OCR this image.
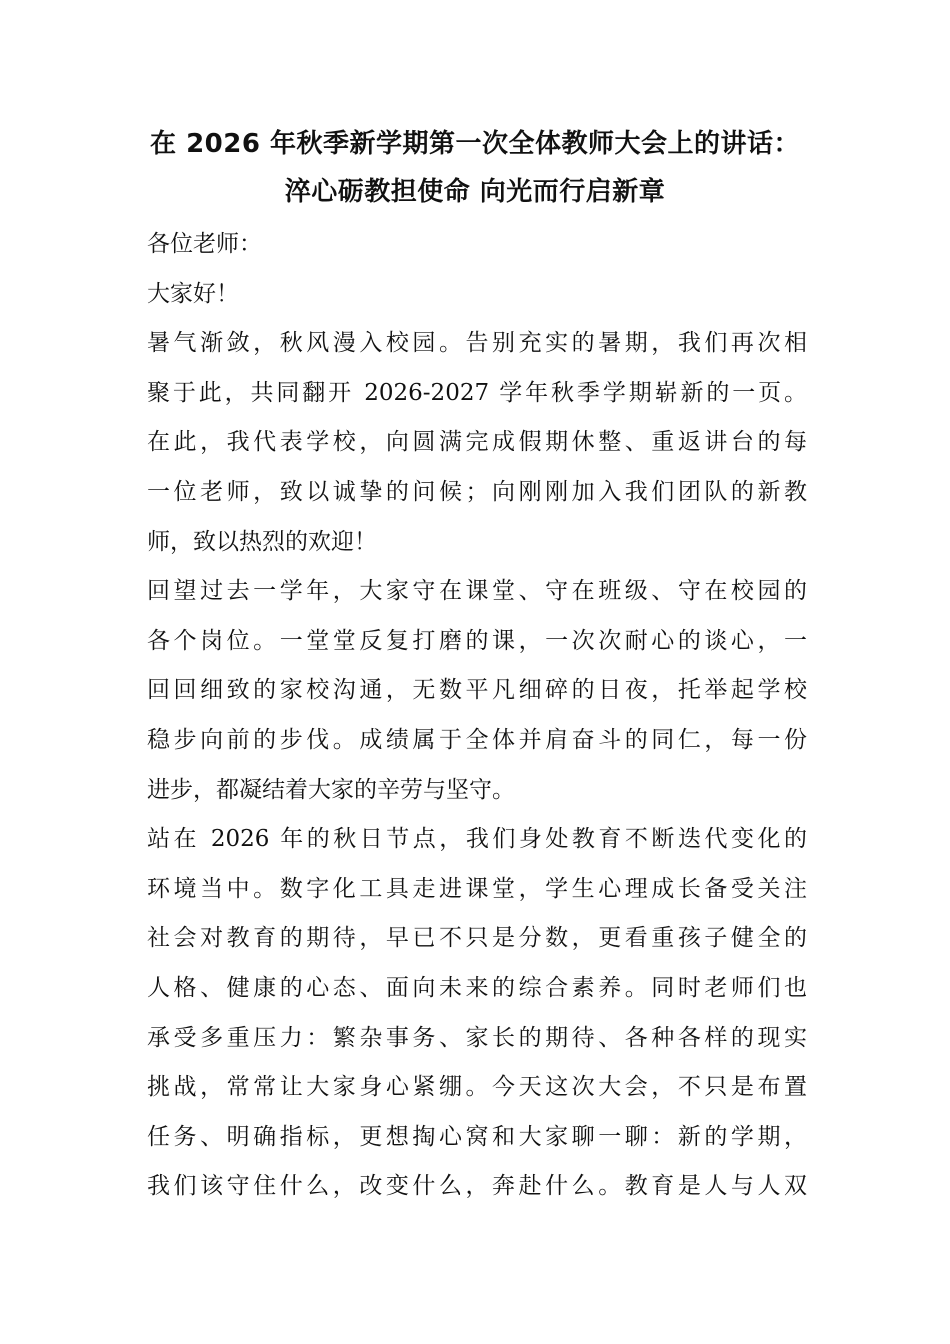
在 2026 年秋季新学期第一次全体教师大会上的讲话：
淬心砺教担使命 向光而行启新章
各位老师：
大家好！
暑气渐敛，秋风漫入校园。告别充实的暑期，我们再次相
聚于此，共同翻开 2026-2027 学年秋季学期崭新的一页。
在此，我代表学校，向圆满完成假期休整、重返讲台的每
一位老师，致以诚挚的问候；向刚刚加入我们团队的新教
师，致以热烈的欢迎！
回望过去一学年，大家守在课堂、守在班级、守在校园的
各个岗位。一堂堂反复打磨的课，一次次耐心的谈心，一
回回细致的家校沟通，无数平凡细碎的日夜，托举起学校
稳步向前的步伐。成绩属于全体并肩奋斗的同仁，每一份
进步，都凝结着大家的辛劳与坚守。
站在 2026 年的秋日节点，我们身处教育不断迭代变化的
环境当中。数字化工具走进课堂，学生心理成长备受关注
社会对教育的期待，早已不只是分数，更看重孩子健全的
人格、健康的心态、面向未来的综合素养。同时老师们也
承受多重压力：繁杂事务、家长的期待、各种各样的现实
挑战，常常让大家身心紧绷。今天这次大会，不只是布置
任务、明确指标，更想掏心窝和大家聊一聊：新的学期，
我们该守住什么，改变什么，奔赴什么。教育是人与人双
